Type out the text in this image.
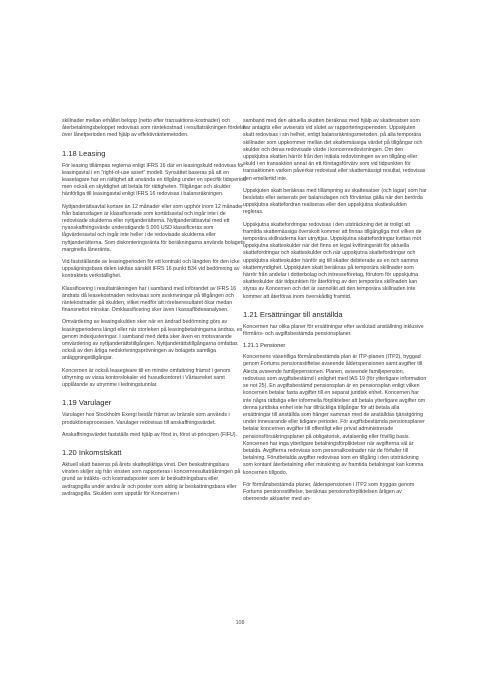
skillnader mellan erhållet belopp (netto efter transaktions-kostnader) och återbetalningsbeloppet redovisas som räntekostnad i resultaträkningen fördelat över lånetperioden med hjälp av effektivräntemetoden.

1.18 Leasing

För leasing tillämpas reglerna enligt IFRS 16 där en leasingskuld redovisas för leasingavtal i en “right-of-use asset” modell. Synsättet baseras på att en leasetagare har en rättighet att använda en tillgång under en specifik tidsperiod men också en skyldighet att betala för rättigheten. Tillgångar och skulder hänförliga till leasingavtal enligt IFRS 16 redovisas i balansräkningen.

Nyttjanderättsavtal kortare än 12 månader eller som upphör inom 12 månader från balansdagen är klassificerade som korttidsavtal och ingår inte i de redovisade skulderna eller nyttjanderätterna. Nyttjanderättsavtal med ett nyanskaffningsvärde understigande 5 000 USD klassificeras som lågvärdesavtal och ingår inte heller i de redovisade skulderna eller nyttjanderätterna. Som diskonteringsränta för beräkningarna används bolagets marginella låneränta.

Vid fastställande av leasingperioden för ett kontrakt och längden för den icke uppsägningsbara delen iakttas särskilt IFRS 16 punkt B34 vid bedömning av kontraktets verkställighet.

Klassificering i resultaträkningen har i samband med införandet av IFRS 16 ändrats då leasekostnaden redovisas som avskrivningar på tillgången och räntekostnader på skulden, vilket medför att rörelseresultatet ökar medan finansnettot minskar. Omklassificering sker även i kassaflödesanalysen.

Omvärdering av leasingskulden sker när en ändrad bedömning görs av leasingperiodens längd eller när storleken på leasingbetalningarna ändras, ex genom indexjusteringar. I samband med detta sker även en motsvarande omvärdering av nyttjanderättstillgången. Nyttjanderättstillgångarna omfattas också av den årliga nedskrivningsprövningen av bolagets samtliga anläggningstillgångar.

Koncernen är också leasegivare till en mindre omfattning främst i genom uthyrning av vissa kontorslokaler vid huvudkontoret i Vårtavreket samt upplåtande av utrymme i ledningstunnlar.

1.19 Varulager

Varulager hos Stockholm Exergi består främst av bränsle som används i produktionsprocessen. Varulager redovisas till anskaffningsvärdet.

Anskaffningsvärdet fastställs med hjälp av först in, först ut-principen (FIFU).

1.20 Inkomstskatt

Aktuell skatt baseras på årets skattepliktiga vinst. Den beskattningsbara vinsten skiljer sig från vinsten som rapporteras i koncernresultaträkningen på grund av intäkts- och kostnadsposter som är beskattningsbara eller avdragsgilla under andra år och poster som aldrig är beskattningsbara eller avdragsgilla. Skulden som uppstår för Koncernen i

samband med den aktuella skatten beräknas med hjälp av skattesatser som har antagits eller aviserats vid slutet av rapporteringsperioden. Uppskjuten skatt redovisas i sin helhet, enligt balansräkningsmetoden, på alla temporära skillnader som uppkommer mellan det skattemässiga värdet på tillgångar och skulder och deras redovisade värde i koncernredovisningen. Om den uppskjutna skatten härrör från den initiala redovisningen av en tillgång eller skuld i en transaktion annat än ett företagsförvärv som vid tidpunkten för transaktionen varken påverkar redovisat eller skattemässigt resultat, redovisas den emellertid inte.

Uppskjuten skatt beräknas med tillämpning av skattesatser (och lagar) som har beslutats eller aviserats per balansdagen och förväntas gälla när den berörda uppskjutna skattefordran realiseras eller den uppskjutna skatteskulden regleras.

Uppskjutna skattefordringar redovisas i den utsträckning det är troligt att framtida skattemässiga överskott kommer att finnas tillgängliga mot vilken de temporära skillnaderna kan utnyttjas. Uppskjutna skattefordringar kvittas mot uppskjutna skatteskulder när det finns en legal kvittningsrätt för aktuella skattefordringar och skatteskulder och när uppskjutna skattefordringar och uppskjutna skatteskulder hänför sig till skatter debiterade av en och samma skattemyndighet. Uppskjuten skatt beräknas på temporära skillnader som härrör från andelar i dotterbolag och intresseföretag, förutom för uppskjutna skatteskulder där tidpunkten för återföring av den temporära skillnaden kan styras av Koncernen och det är sannolikt att den temporära skillnaden inte kommer att återföras inom överskådlig framtid.

1.21 Ersättningar till anställda

Koncernen har olika planer för ersättningar efter avslutad anställning inklusive förmåns- och avgiftsbestämda pensionsplaner.

1.21.1 Pensioner

Koncernens väsentliga förmånsbestämda plan är ITP-planen (ITP2), tryggad genom Fortums pensionsstiftelse avseende ålderspensionen samt avgifter till Alecta avseende familjepensionen. Planen, avseende familjepension, redovisas som avgiftsbestämd i enlighet med IAS 19 (för ytterligare information se not 25). En avgiftsbestämd pensionsplan är en pensionsplan enligt vilken koncernen betalar fasta avgifter till en separat juridisk enhet. Koncernen har inte några rättsliga eller informella förpliktelser att betala ytterligare avgifter om denna juridiska enhet inte har tillräckliga tillgångar för att betala alla ersättningar till anställda som hänger samman med de anställdas tjänstgöring under innevarande eller tidigare perioder. För avgiftsbestämda pensionsplaner betalar koncernen avgifter till offentligt eller privat administrerade pensionsförsäkringsplaner på obligatorisk, avtalsenlig eller frivillig basis. Koncernen har inga ytterligare betalningsförpliktelser när avgifterna väl är betalda. Avgifterna redovisas som personalkostnader när de förfaller till betalning. Förutbetalda avgifter redovisas som en tillgång i den utsträckning som kontant återbetalning eller minskning av framtida betalningar kan komma koncernen tillgodo.

För förmånsbestämda planer, ålderspensionen i ITP2 som tryggas genom Fortums pensionsstiftelse, beräknas pensionsförpliktelsen årligen av oberoende aktuarier med an-

108
